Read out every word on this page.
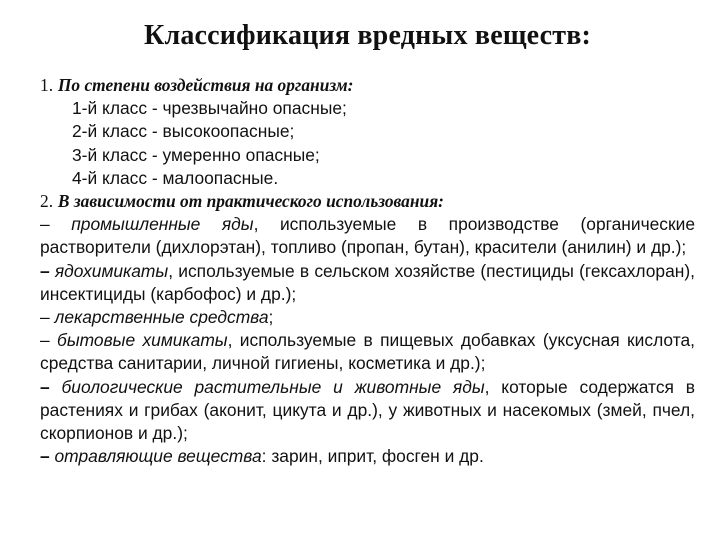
Классификация вредных веществ:
1. По степени воздействия на организм:
1-й класс - чрезвычайно опасные;
2-й класс - высокоопасные;
3-й класс - умеренно опасные;
4-й класс - малоопасные.
2. В зависимости от практического использования:
– промышленные яды, используемые в производстве (органические растворители (дихлорэтан), топливо (пропан, бутан), красители (анилин) и др.);
– ядохимикаты, используемые в сельском хозяйстве (пестициды (гексахлоран), инсектициды (карбофос) и др.);
– лекарственные средства;
– бытовые химикаты, используемые в пищевых добавках (уксусная кислота, средства санитарии, личной гигиены, косметика и др.);
– биологические растительные и животные яды, которые содержатся в растениях и грибах (аконит, цикута и др.), у животных и насекомых (змей, пчел, скорпионов и др.);
– отравляющие вещества: зарин, иприт, фосген и др.
